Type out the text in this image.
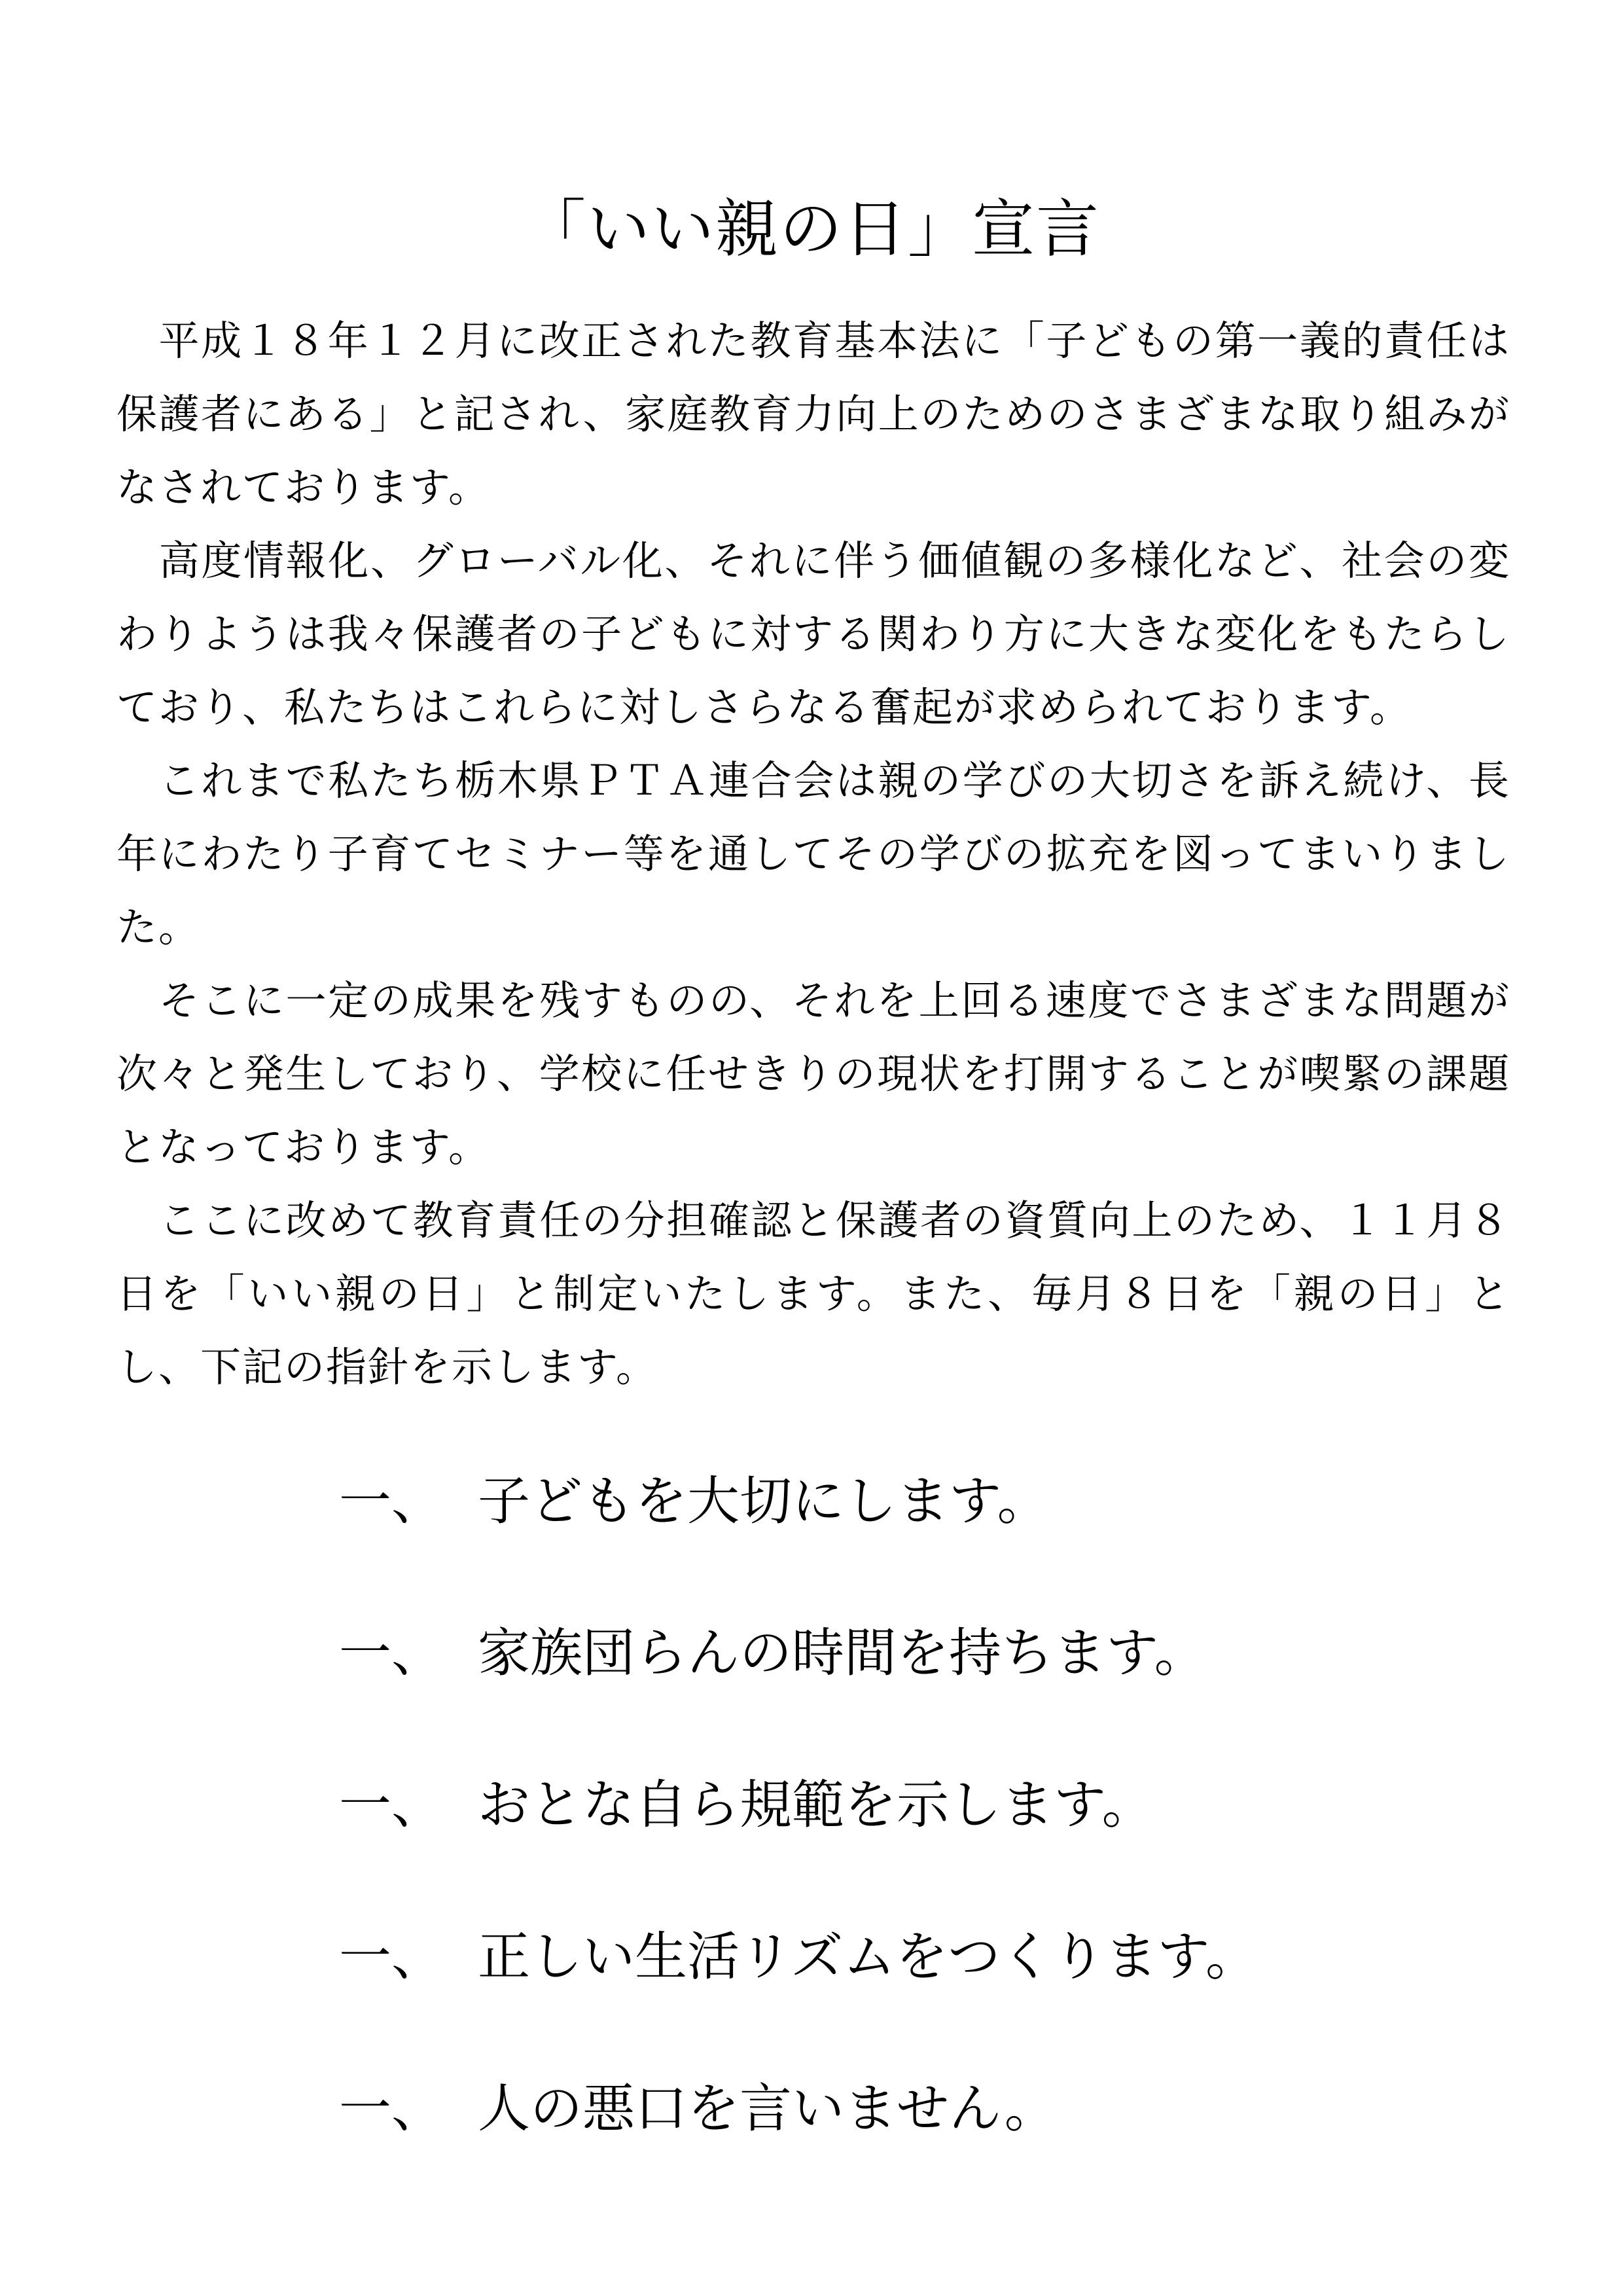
「いい親の日」宣言

　平成１８年１２月に改正された教育基本法に「子どもの第一義的責任は保護者にある」と記され、家庭教育力向上のためのさまざまな取り組みがなされております。

　高度情報化、グローバル化、それに伴う価値観の多様化など、社会の変わりようは我々保護者の子どもに対する関わり方に大きな変化をもたらしており、私たちはこれらに対しさらなる奮起が求められております。

　これまで私たち栃木県ＰＴＡ連合会は親の学びの大切さを訴え続け、長年にわたり子育てセミナー等を通してその学びの拡充を図ってまいりました。

　そこに一定の成果を残すものの、それを上回る速度でさまざまな問題が次々と発生しており、学校に任せきりの現状を打開することが喫緊の課題となっております。

　ここに改めて教育責任の分担確認と保護者の資質向上のため、１１月８日を「いい親の日」と制定いたします。また、毎月８日を「親の日」とし、下記の指針を示します。

一、 子どもを大切にします。
一、 家族団らんの時間を持ちます。
一、 おとな自ら規範を示します。
一、 正しい生活リズムをつくります。
一、 人の悪口を言いません。
